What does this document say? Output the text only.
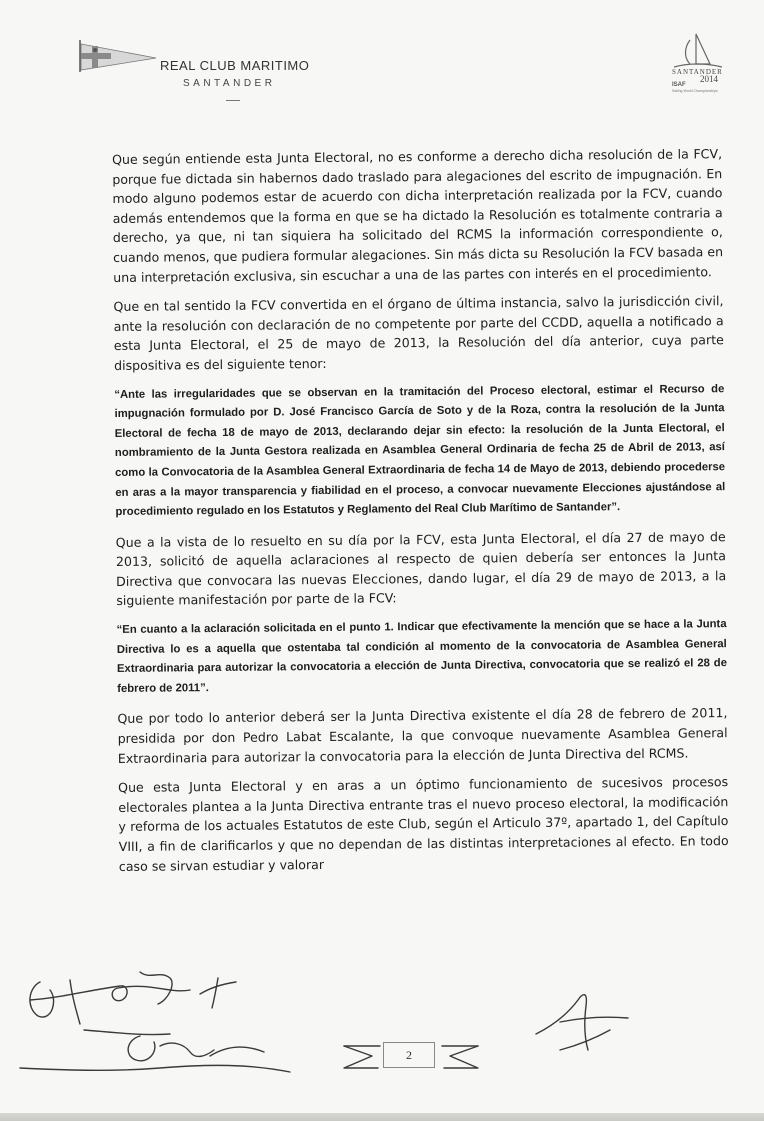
REAL CLUB MARITIMO
SANTANDER
SANTANDER
2014
ISAF
Sailing World Championships

Que según entiende esta Junta Electoral, no es conforme a derecho dicha resolución de la FCV, porque fue dictada sin habernos dado traslado para alegaciones del escrito de impugnación. En modo alguno podemos estar de acuerdo con dicha interpretación realizada por la FCV, cuando además entendemos que la forma en que se ha dictado la Resolución es totalmente contraria a derecho, ya que, ni tan siquiera ha solicitado del RCMS la información correspondiente o, cuando menos, que pudiera formular alegaciones. Sin más dicta su Resolución la FCV basada en una interpretación exclusiva, sin escuchar a una de las partes con interés en el procedimiento.

Que en tal sentido la FCV convertida en el órgano de última instancia, salvo la jurisdicción civil, ante la resolución con declaración de no competente por parte del CCDD, aquella a notificado a esta Junta Electoral, el 25 de mayo de 2013, la Resolución del día anterior, cuya parte dispositiva es del siguiente tenor:

“Ante las irregularidades que se observan en la tramitación del Proceso electoral, estimar el Recurso de impugnación formulado por D. José Francisco García de Soto y de la Roza, contra la resolución de la Junta Electoral de fecha 18 de mayo de 2013, declarando dejar sin efecto: la resolución de la Junta Electoral, el nombramiento de la Junta Gestora realizada en Asamblea General Ordinaria de fecha 25 de Abril de 2013, así como la Convocatoria de la Asamblea General Extraordinaria de fecha 14 de Mayo de 2013, debiendo procederse en aras a la mayor transparencia y fiabilidad en el proceso, a convocar nuevamente Elecciones ajustándose al procedimiento regulado en los Estatutos y Reglamento del Real Club Marítimo de Santander”.

Que a la vista de lo resuelto en su día por la FCV, esta Junta Electoral, el día 27 de mayo de 2013, solicitó de aquella aclaraciones al respecto de quien debería ser entonces la Junta Directiva que convocara las nuevas Elecciones, dando lugar, el día 29 de mayo de 2013, a la siguiente manifestación por parte de la FCV:

“En cuanto a la aclaración solicitada en el punto 1. Indicar que efectivamente la mención que se hace a la Junta Directiva lo es a aquella que ostentaba tal condición al momento de la convocatoria de Asamblea General Extraordinaria para autorizar la convocatoria a elección de Junta Directiva, convocatoria que se realizó el 28 de febrero de 2011”.

Que por todo lo anterior deberá ser la Junta Directiva existente el día 28 de febrero de 2011, presidida por don Pedro Labat Escalante, la que convoque nuevamente Asamblea General Extraordinaria para autorizar la convocatoria para la elección de Junta Directiva del RCMS.

Que esta Junta Electoral y en aras a un óptimo funcionamiento de sucesivos procesos electorales plantea a la Junta Directiva entrante tras el nuevo proceso electoral, la modificación y reforma de los actuales Estatutos de este Club, según el Articulo 37º, apartado 1, del Capítulo VIII, a fin de clarificarlos y que no dependan de las distintas interpretaciones al efecto. En todo caso se sirvan estudiar y valorar

2
